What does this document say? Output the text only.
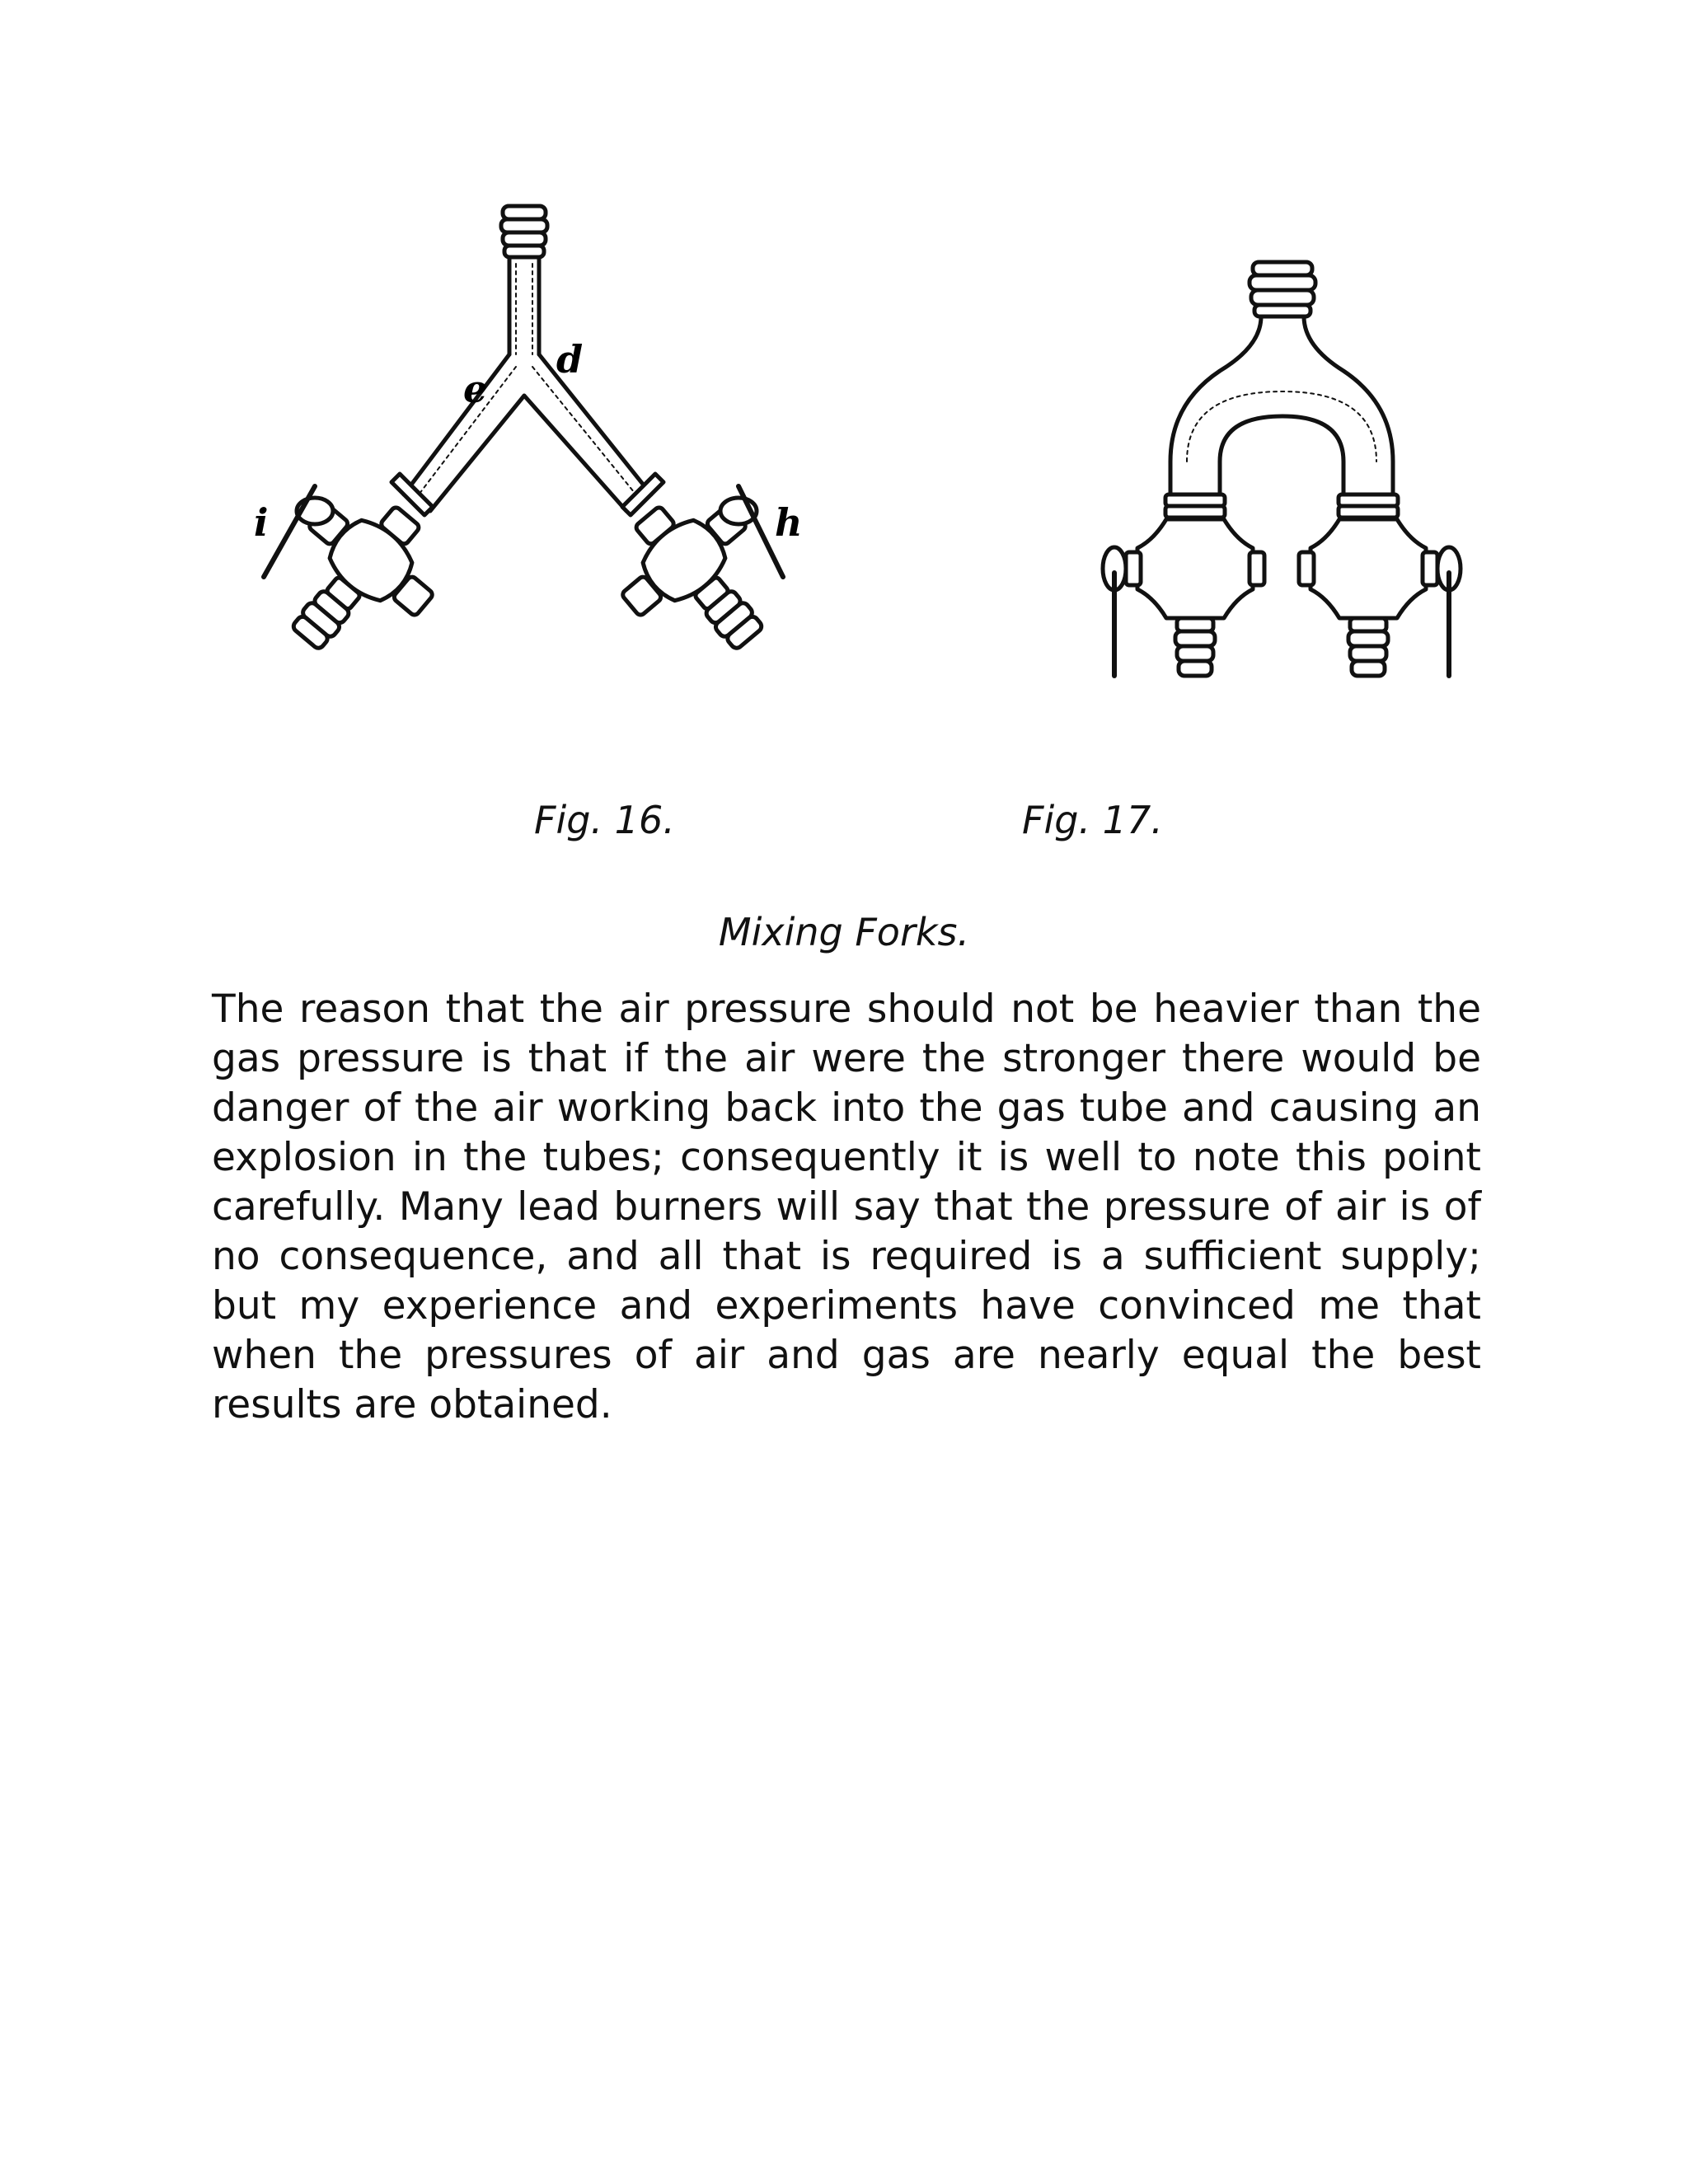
e
d
i	h
Fig. 16.	Fig. 17.
Mixing Forks.

The reason that the air pressure should not be heavier than the gas pressure is that if the air were the stronger there would be danger of the air working back into the gas tube and causing an explosion in the tubes; consequently it is well to note this point carefully. Many lead burners will say that the pressure of air is of no consequence, and all that is required is a sufficient supply; but my experience and experiments have convinced me that when the pressures of air and gas are nearly equal the best results are obtained.
